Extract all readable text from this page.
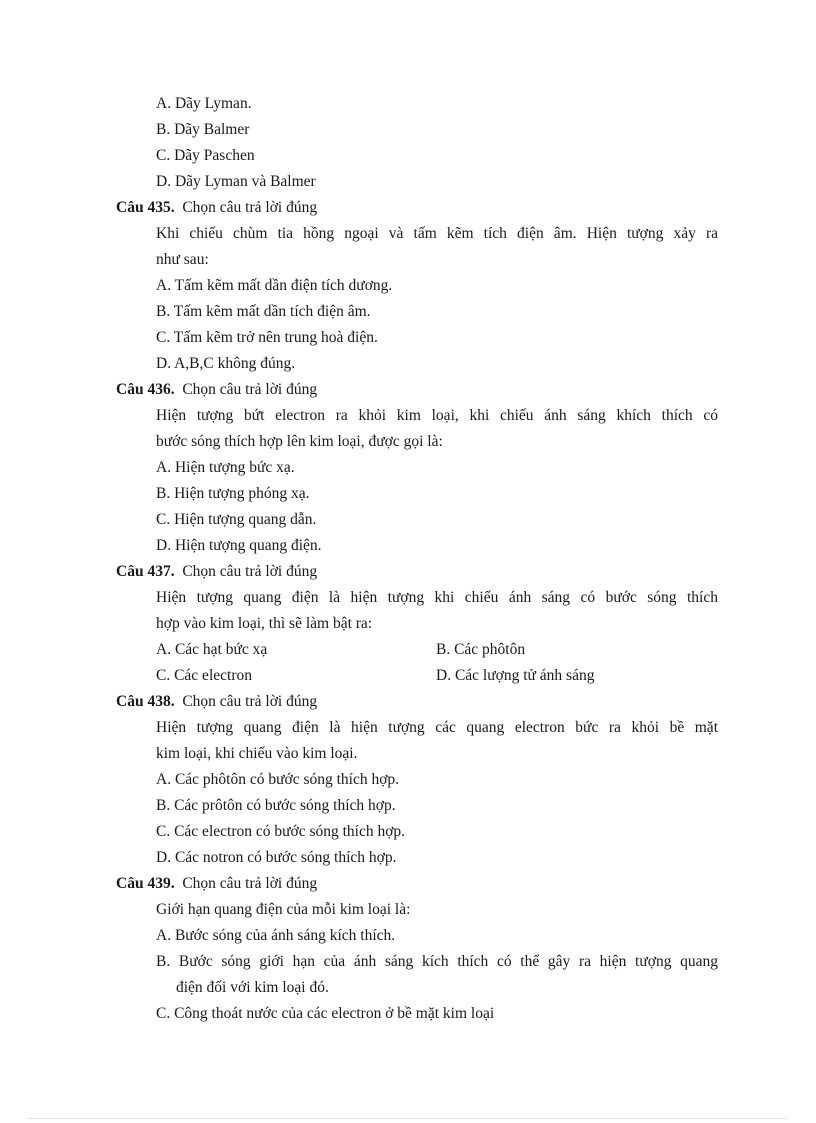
A. Dãy Lyman.
B. Dãy Balmer
C. Dãy Paschen
D. Dãy Lyman và Balmer
Câu 435. Chọn câu trả lời đúng
Khi chiếu chùm tia hồng ngoại và tấm kẽm tích điện âm. Hiện tượng xảy ra
như sau:
A. Tấm kẽm mất dần điện tích dương.
B. Tấm kẽm mất dần tích điện âm.
C. Tấm kẽm trở nên trung hoà điện.
D. A,B,C không đúng.
Câu 436. Chọn câu trả lời đúng
Hiện tượng bứt electron ra khỏi kim loại, khi chiếu ánh sáng khích thích có
bước sóng thích hợp lên kim loại, được gọi là:
A. Hiện tượng bức xạ.
B. Hiện tượng phóng xạ.
C. Hiện tượng quang dẫn.
D. Hiện tượng quang điện.
Câu 437. Chọn câu trả lời đúng
Hiện tượng quang điện là hiện tượng khi chiếu ánh sáng có bước sóng thích
hợp vào kim loại, thì sẽ làm bật ra:
A. Các hạt bức xạ	B. Các phôtôn
C. Các electron	D. Các lượng tử ánh sáng
Câu 438. Chọn câu trả lời đúng
Hiện tượng quang điện là hiện tượng các quang electron bức ra khỏi bề mặt
kim loại, khi chiếu vào kim loại.
A. Các phôtôn có bước sóng thích hợp.
B. Các prôtôn có bước sóng thích hợp.
C. Các electron có bước sóng thích hợp.
D. Các notron có bước sóng thích hợp.
Câu 439. Chọn câu trả lời đúng
Giới hạn quang điện của mỗi kim loại là:
A. Bước sóng của ánh sáng kích thích.
B. Bước sóng giới hạn của ánh sáng kích thích có thể gây ra hiện tượng quang
điện đối với kim loại đó.
C. Công thoát nước của các electron ở bề mặt kim loại
